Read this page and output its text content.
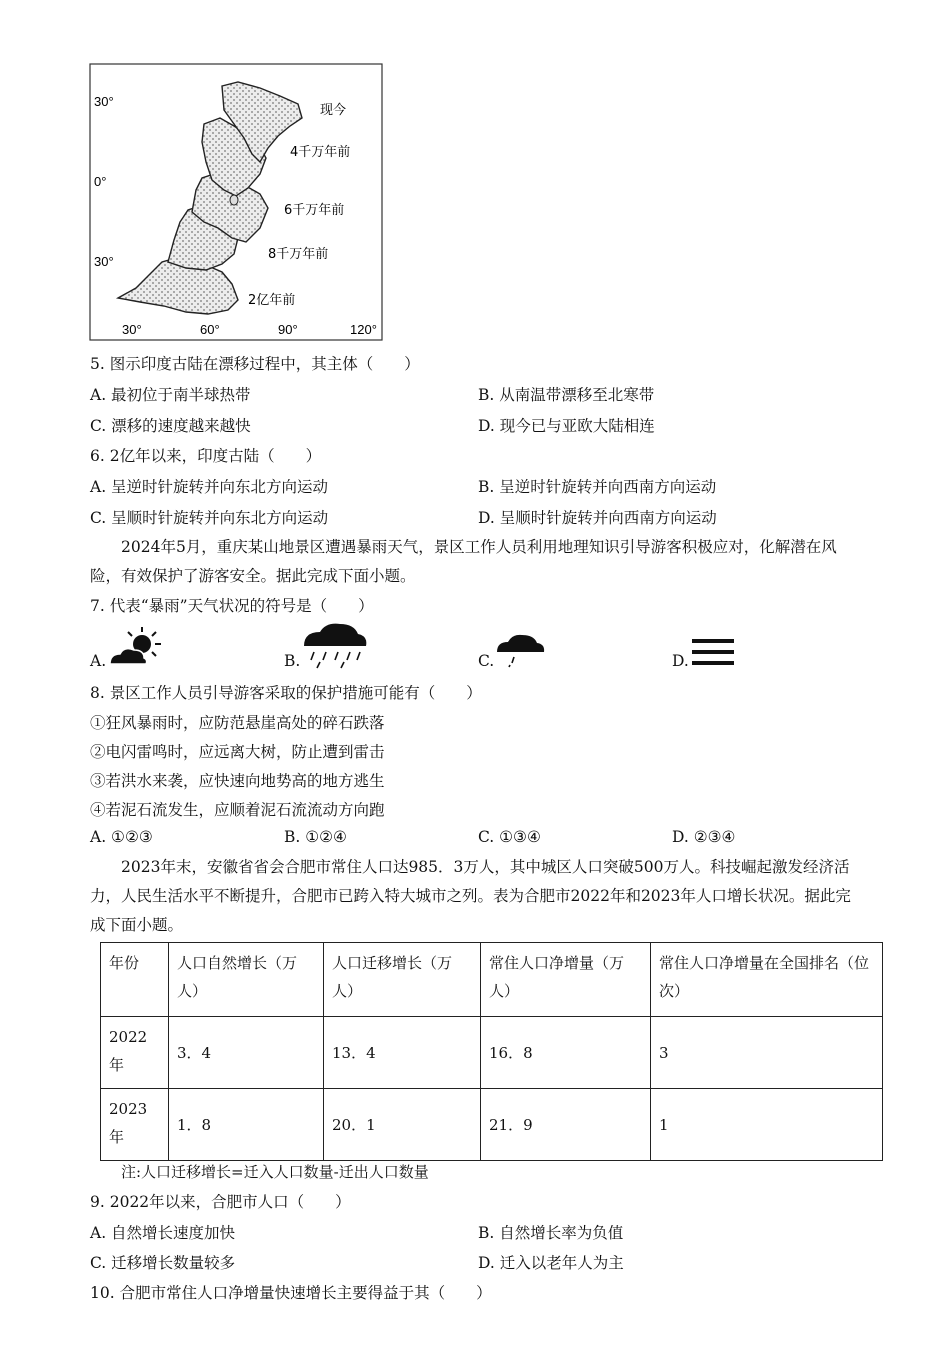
30°
0°
30°
30°	60°	90°	120°
现今
4千万年前
6千万年前
8千万年前
2亿年前
5. 图示印度古陆在漂移过程中，其主体（　　）
A. 最初位于南半球热带	B. 从南温带漂移至北寒带
C. 漂移的速度越来越快	D. 现今已与亚欧大陆相连
6. 2亿年以来，印度古陆（　　）
A. 呈逆时针旋转并向东北方向运动	B. 呈逆时针旋转并向西南方向运动
C. 呈顺时针旋转并向东北方向运动	D. 呈顺时针旋转并向西南方向运动
2024年5月，重庆某山地景区遭遇暴雨天气，景区工作人员利用地理知识引导游客积极应对，化解潜在风险，有效保护了游客安全。据此完成下面小题。
7. 代表“暴雨”天气状况的符号是（　　）
A.	B.	C.	D.
8. 景区工作人员引导游客采取的保护措施可能有（　　）
①狂风暴雨时，应防范悬崖高处的碎石跌落
②电闪雷鸣时，应远离大树，防止遭到雷击
③若洪水来袭，应快速向地势高的地方逃生
④若泥石流发生，应顺着泥石流流动方向跑
A. ①②③	B. ①②④	C. ①③④	D. ②③④
2023年末，安徽省省会合肥市常住人口达985．3万人，其中城区人口突破500万人。科技崛起激发经济活力，人民生活水平不断提升，合肥市已跨入特大城市之列。表为合肥市2022年和2023年人口增长状况。据此完成下面小题。
年份	人口自然增长（万人）	人口迁移增长（万人）	常住人口净增量（万人）	常住人口净增量在全国排名（位次）
2022年	3．4	13．4	16．8	3
2023年	1．8	20．1	21．9	1
注:人口迁移增长=迁入人口数量-迁出人口数量
9. 2022年以来，合肥市人口（　　）
A. 自然增长速度加快	B. 自然增长率为负值
C. 迁移增长数量较多	D. 迁入以老年人为主
10. 合肥市常住人口净增量快速增长主要得益于其（　　）
